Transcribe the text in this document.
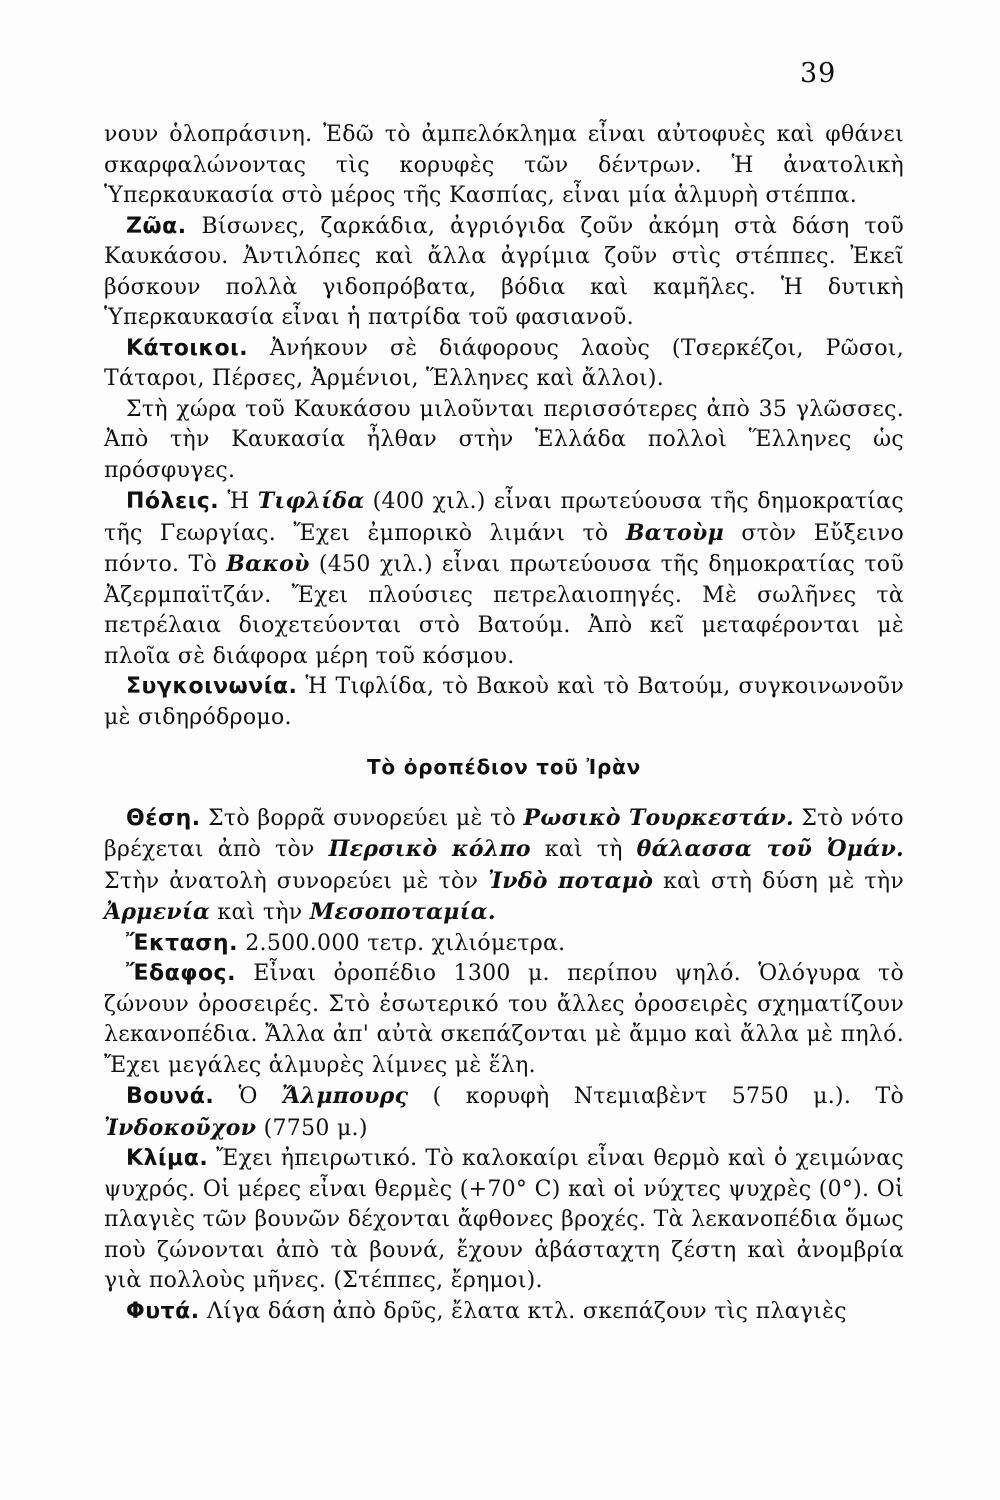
39

νουν ὁλοπράσινη. Ἐδῶ τὸ ἀμπελόκλημα εἶναι αὐτοφυὲς καὶ φθάνει σκαρφαλώνοντας τὶς κορυφὲς τῶν δέντρων. Ἡ ἀνατολικὴ Ὑπερκαυκασία στὸ μέρος τῆς Κασπίας, εἶναι μία ἁλμυρὴ στέππα.

Ζῶα. Βίσωνες, ζαρκάδια, ἀγριόγιδα ζοῦν ἀκόμη στὰ δάση τοῦ Καυκάσου. Ἀντιλόπες καὶ ἄλλα ἀγρίμια ζοῦν στὶς στέππες. Ἐκεῖ βόσκουν πολλὰ γιδοπρόβατα, βόδια καὶ καμῆλες. Ἡ δυτικὴ Ὑπερκαυκασία εἶναι ἡ πατρίδα τοῦ φασιανοῦ.

Κάτοικοι. Ἀνήκουν σὲ διάφορους λαοὺς (Τσερκέζοι, Ρῶσοι, Τάταροι, Πέρσες, Ἀρμένιοι, Ἕλληνες καὶ ἄλλοι).

Στὴ χώρα τοῦ Καυκάσου μιλοῦνται περισσότερες ἀπὸ 35 γλῶσσες. Ἀπὸ τὴν Καυκασία ἦλθαν στὴν Ἑλλάδα πολλοὶ Ἕλληνες ὡς πρόσφυγες.

Πόλεις. Ἡ Τιφλίδα (400 χιλ.) εἶναι πρωτεύουσα τῆς δημοκρατίας τῆς Γεωργίας. Ἔχει ἐμπορικὸ λιμάνι τὸ Βατοὺμ στὸν Εὔξεινο πόντο. Τὸ Βακοὺ (450 χιλ.) εἶναι πρωτεύουσα τῆς δημοκρατίας τοῦ Ἀζερμπαϊτζάν. Ἔχει πλούσιες πετρελαιοπηγές. Μὲ σωλῆνες τὰ πετρέλαια διοχετεύονται στὸ Βατούμ. Ἀπὸ κεῖ μεταφέρονται μὲ πλοῖα σὲ διάφορα μέρη τοῦ κόσμου.

Συγκοινωνία. Ἡ Τιφλίδα, τὸ Βακοὺ καὶ τὸ Βατούμ, συγκοινωνοῦν μὲ σιδηρόδρομο.

Τὸ ὀροπέδιον τοῦ Ἰρὰν

Θέση. Στὸ βορρᾶ συνορεύει μὲ τὸ Ρωσικὸ Τουρκεστάν. Στὸ νότο βρέχεται ἀπὸ τὸν Περσικὸ κόλπο καὶ τὴ θάλασσα τοῦ Ὀμάν. Στὴν ἀνατολὴ συνορεύει μὲ τὸν Ἰνδὸ ποταμὸ καὶ στὴ δύση μὲ τὴν Ἀρμενία καὶ τὴν Μεσοποταμία.

Ἔκταση. 2.500.000 τετρ. χιλιόμετρα.

Ἔδαφος. Εἶναι ὀροπέδιο 1300 μ. περίπου ψηλό. Ὁλόγυρα τὸ ζώνουν ὀροσειρές. Στὸ ἐσωτερικό του ἄλλες ὀροσειρὲς σχηματίζουν λεκανοπέδια. Ἄλλα ἀπ' αὐτὰ σκεπάζονται μὲ ἄμμο καὶ ἄλλα μὲ πηλό. Ἔχει μεγάλες ἁλμυρὲς λίμνες μὲ ἕλη.

Βουνά. Ὁ Ἄλμπουρς ( κορυφὴ Ντεμιαβὲντ 5750 μ.). Τὸ Ἰνδοκοῦχον (7750 μ.)

Κλίμα. Ἔχει ἠπειρωτικό. Τὸ καλοκαίρι εἶναι θερμὸ καὶ ὁ χειμώνας ψυχρός. Οἱ μέρες εἶναι θερμὲς (+70° C) καὶ οἱ νύχτες ψυχρὲς (0°). Οἱ πλαγιὲς τῶν βουνῶν δέχονται ἄφθονες βροχές. Τὰ λεκανοπέδια ὅμως ποὺ ζώνονται ἀπὸ τὰ βουνά, ἔχουν ἀβάσταχτη ζέστη καὶ ἀνομβρία γιὰ πολλοὺς μῆνες. (Στέππες, ἔρημοι).

Φυτά. Λίγα δάση ἀπὸ δρῦς, ἔλατα κτλ. σκεπάζουν τὶς πλαγιὲς
